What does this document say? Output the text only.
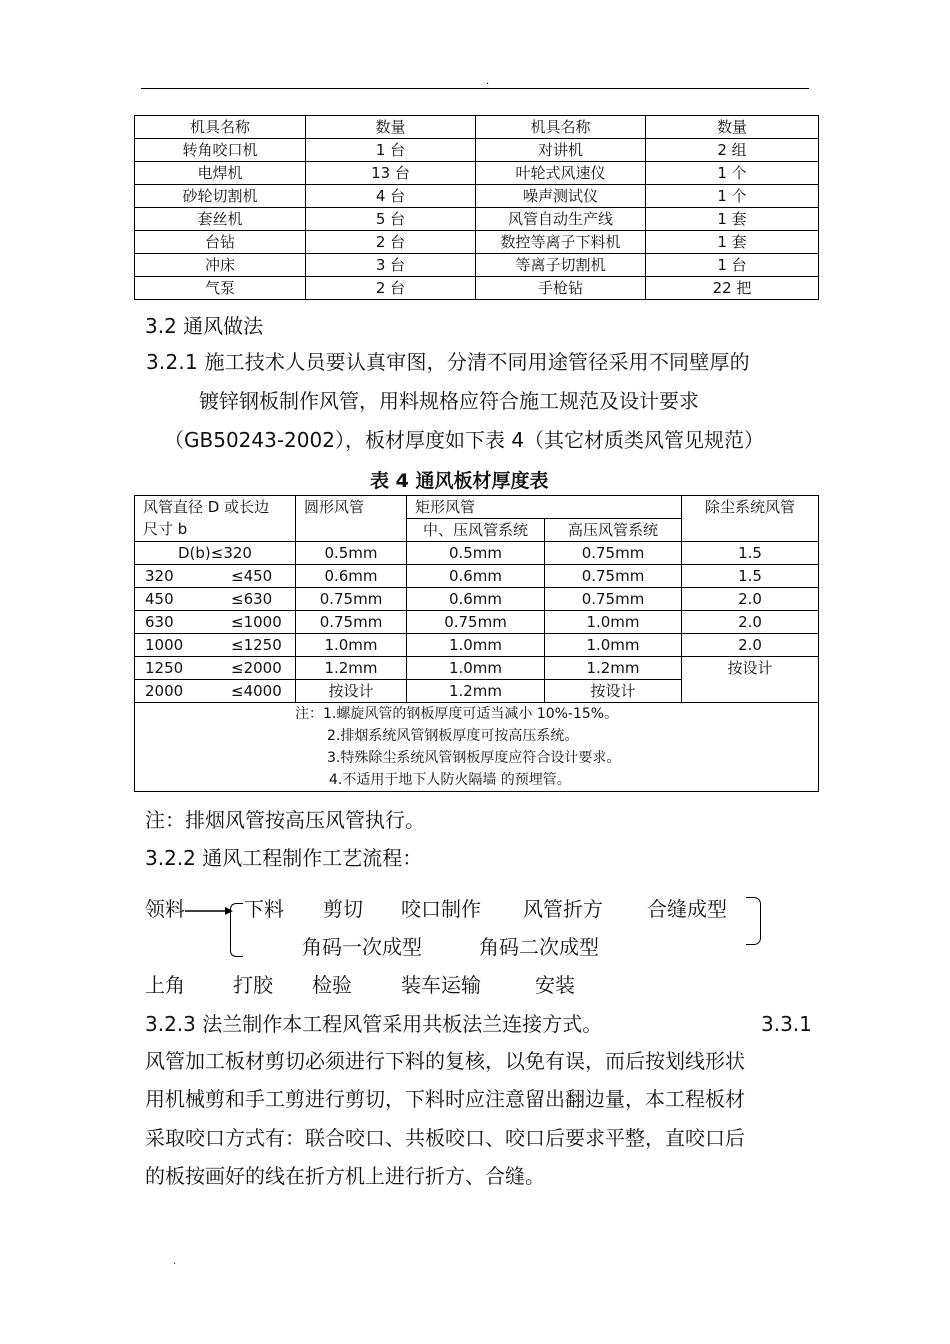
.
机具名称	数量	机具名称	数量
转角咬口机	1 台	对讲机	2 组
电焊机	13 台	叶轮式风速仪	1 个
砂轮切割机	4 台	噪声测试仪	1 个
套丝机	5 台	风管自动生产线	1 套
台钻	2 台	数控等离子下料机	1 套
冲床	3 台	等离子切割机	1 台
气泵	2 台	手枪钻	22 把
3.2 通风做法
3.2.1 施工技术人员要认真审图，分清不同用途管径采用不同壁厚的
镀锌钢板制作风管，用料规格应符合施工规范及设计要求
（GB50243-2002），板材厚度如下表 4（其它材质类风管见规范）
表 4 通风板材厚度表
风管直径 D 或长边
尺寸 b	圆形风管	矩形风管		除尘系统风管
		中、压风管系统	高压风管系统	
D(b)≤320	0.5mm	0.5mm	0.75mm	1.5

320 ≤450	0.6mm	0.6mm	0.75mm	1.5

450 ≤630	0.75mm	0.6mm	0.75mm	2.0

630 ≤1000	0.75mm	0.75mm	1.0mm	2.0

1000 ≤1250	1.0mm	1.0mm	1.0mm	2.0

1250 ≤2000	1.2mm	1.0mm	1.2mm	按设计

2000 ≤4000	按设计	1.2mm	按设计	

注：1.螺旋风管的钢板厚度可适当减小 10%-15%。
2.排烟系统风管钢板厚度可按高压系统。
3.特殊除尘系统风管钢板厚度应符合设计要求。
4.不适用于地下人防火隔墙 的预埋管。				
注：排烟风管按高压风管执行。
3.2.2 通风工程制作工艺流程：
领料	下料 剪切 咬口制作 风管折方 合缝成型
角码一次成型	角码二次成型
上角 打胶 检验 装车运输	安装
3.2.3 法兰制作本工程风管采用共板法兰连接方式。	3.3.1
风管加工板材剪切必须进行下料的复核，以免有误，而后按划线形状
用机械剪和手工剪进行剪切，下料时应注意留出翻边量，本工程板材
采取咬口方式有：联合咬口、共板咬口、咬口后要求平整，直咬口后
的板按画好的线在折方机上进行折方、合缝。
.
